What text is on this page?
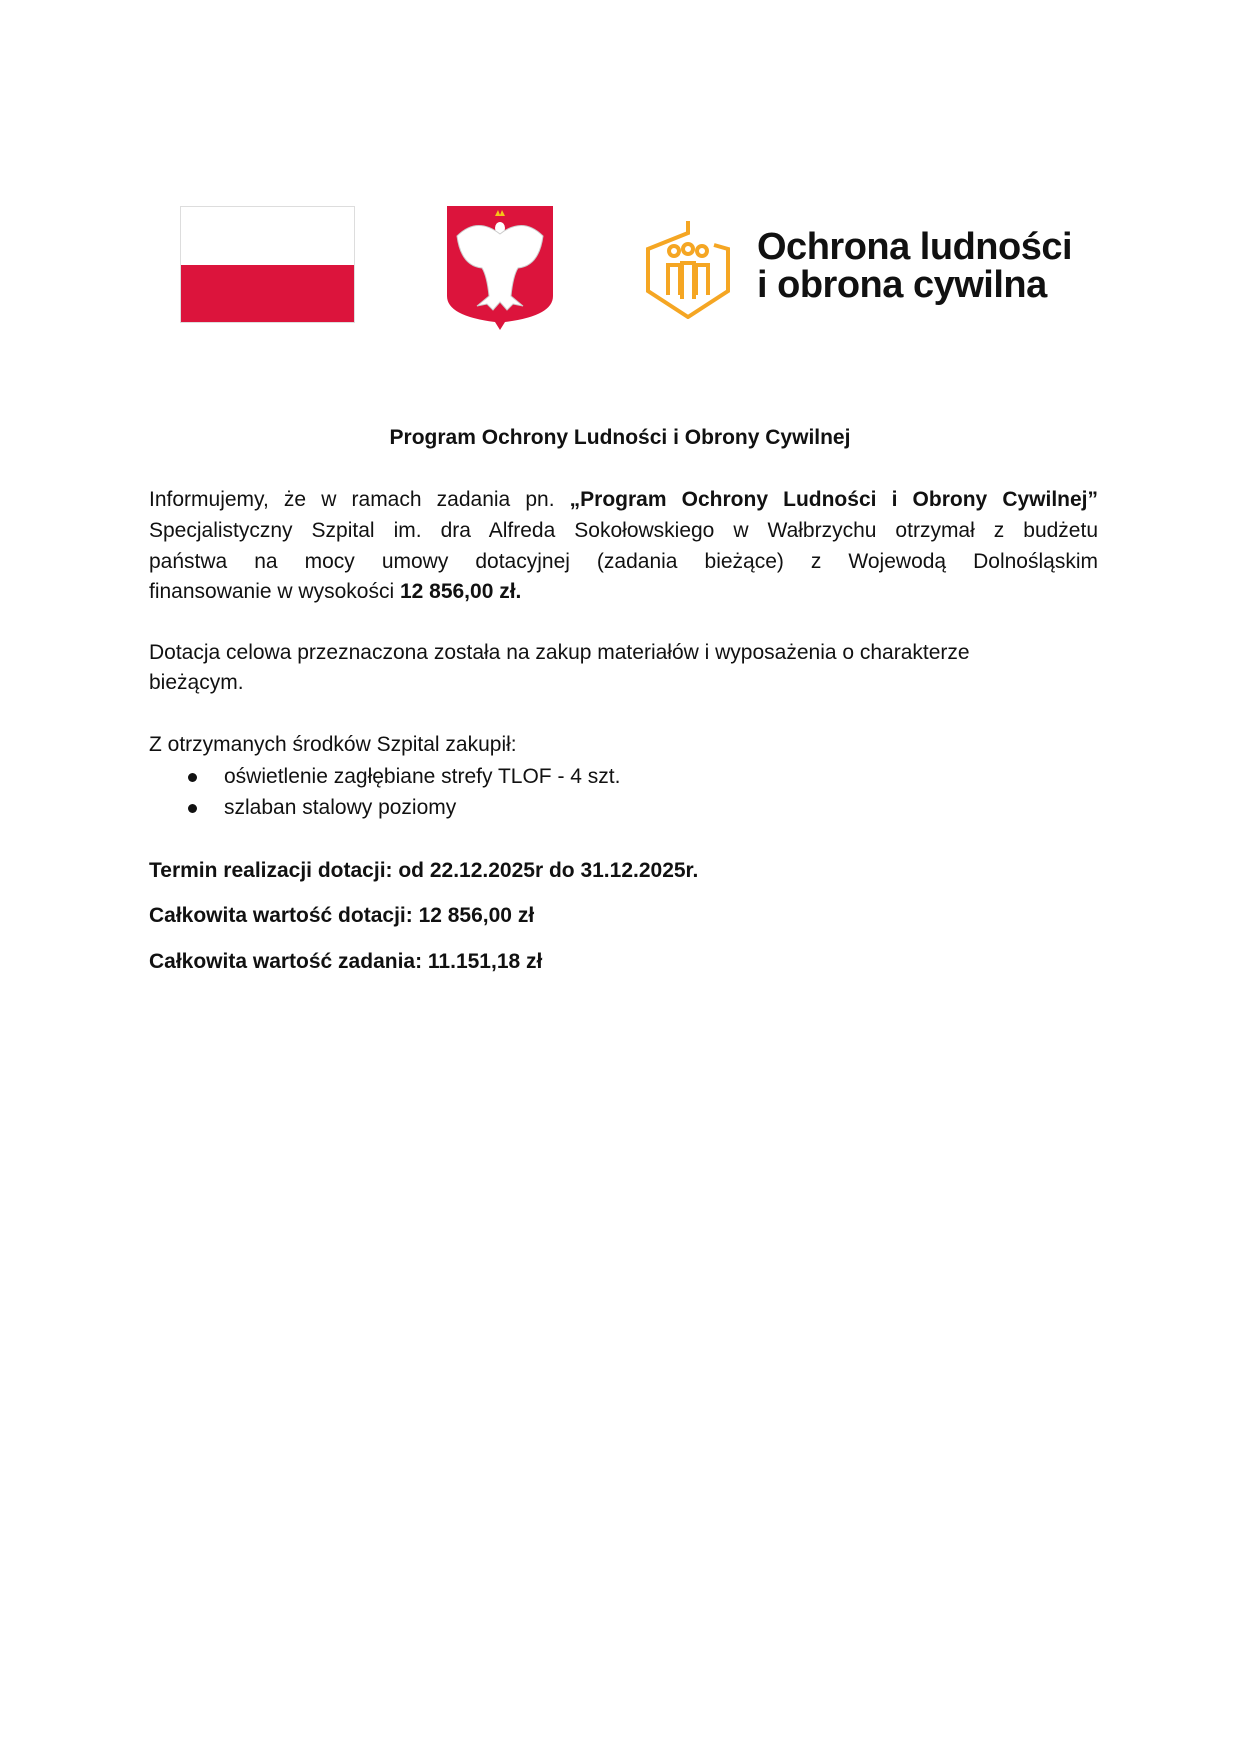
Ochrona ludności
i obrona cywilna
Program Ochrony Ludności i Obrony Cywilnej
Informujemy, że w ramach zadania pn. „Program Ochrony Ludności i Obrony Cywilnej”
Specjalistyczny Szpital im. dra Alfreda Sokołowskiego w Wałbrzychu otrzymał z budżetu
państwa na mocy umowy dotacyjnej (zadania bieżące) z Wojewodą Dolnośląskim
finansowanie w wysokości 12 856,00 zł.
Dotacja celowa przeznaczona została na zakup materiałów i wyposażenia o charakterze
bieżącym.
Z otrzymanych środków Szpital zakupił:
oświetlenie zagłębiane strefy TLOF - 4 szt.
szlaban stalowy poziomy
Termin realizacji dotacji: od 22.12.2025r do 31.12.2025r.
Całkowita wartość dotacji: 12 856,00 zł
Całkowita wartość zadania: 11.151,18 zł
